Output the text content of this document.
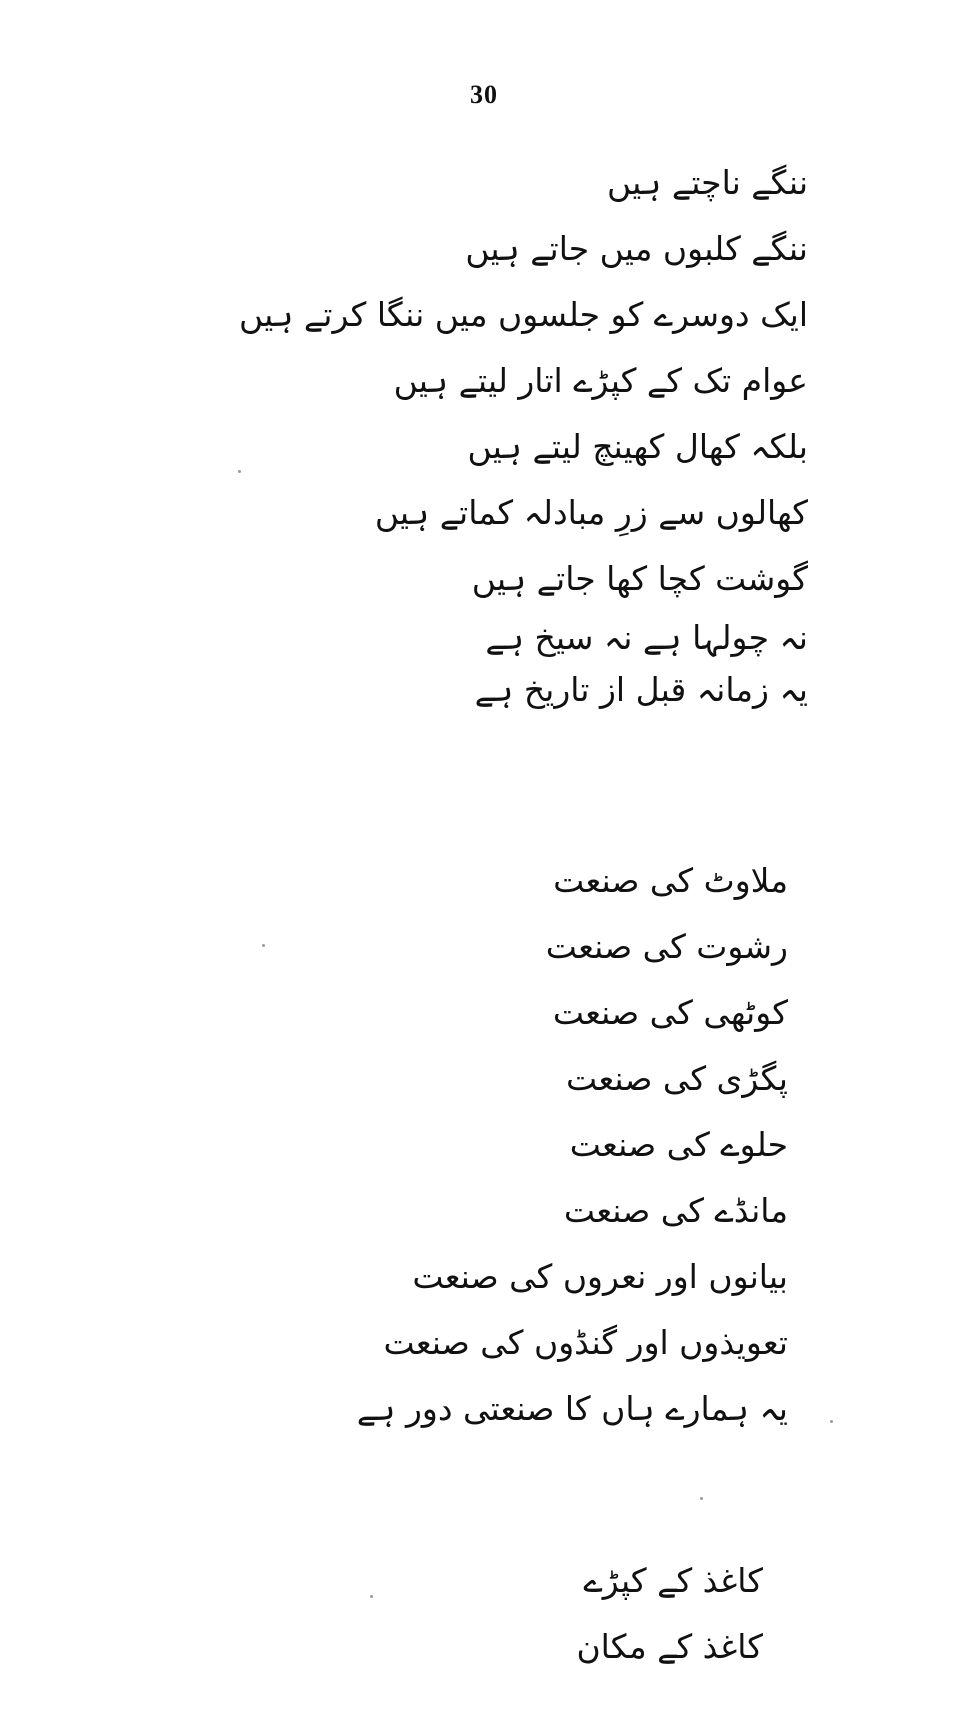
30
ننگے ناچتے ہیں
ننگے کلبوں میں جاتے ہیں
ایک دوسرے کو جلسوں میں ننگا کرتے ہیں
عوام تک کے کپڑے اتار لیتے ہیں
بلکہ کھال کھینچ لیتے ہیں
کھالوں سے زرِ مبادلہ کماتے ہیں
گوشت کچا کھا جاتے ہیں
نہ چولہا ہے نہ سیخ ہے
یہ زمانہ قبل از تاریخ ہے
ملاوٹ کی صنعت
رشوت کی صنعت
کوٹھی کی صنعت
پگڑی کی صنعت
حلوے کی صنعت
مانڈے کی صنعت
بیانوں اور نعروں کی صنعت
تعویذوں اور گنڈوں کی صنعت
یہ ہمارے ہاں کا صنعتی دور ہے
کاغذ کے کپڑے
کاغذ کے مکان
